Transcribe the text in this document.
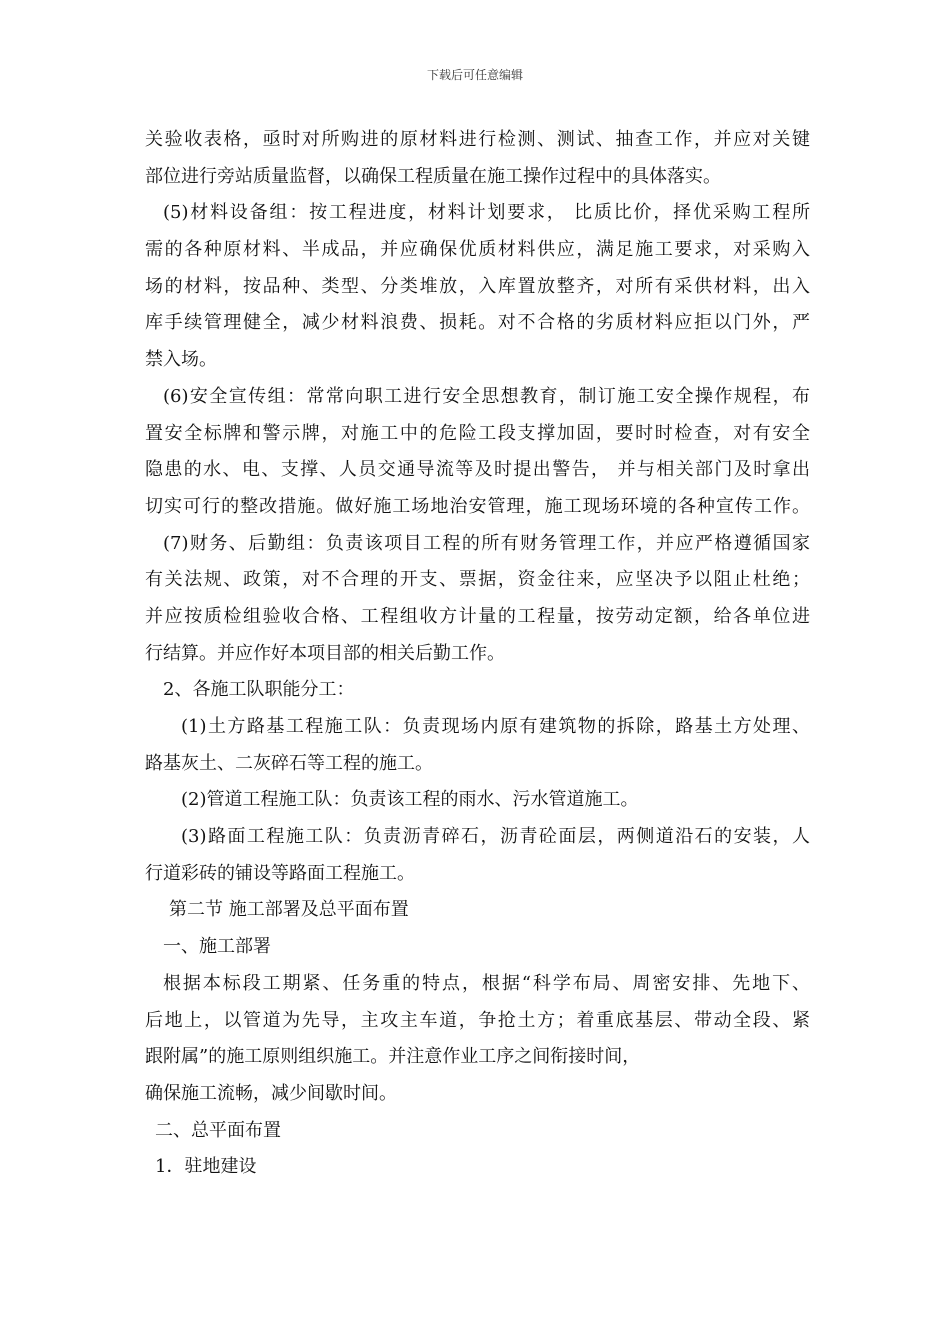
下载后可任意编辑
关验收表格，亟时对所购进的原材料进行检测、测试、抽查工作，并应对关键
部位进行旁站质量监督，以确保工程质量在施工操作过程中的具体落实。
(5)材料设备组：按工程进度，材料计划要求， 比质比价，择优采购工程所
需的各种原材料、半成品，并应确保优质材料供应，满足施工要求，对采购入
场的材料，按品种、类型、分类堆放，入库置放整齐，对所有采供材料，出入
库手续管理健全，减少材料浪费、损耗。对不合格的劣质材料应拒以门外，严
禁入场。
(6)安全宣传组：常常向职工进行安全思想教育，制订施工安全操作规程，布
置安全标牌和警示牌，对施工中的危险工段支撑加固，要时时检查，对有安全
隐患的水、电、支撑、人员交通导流等及时提出警告， 并与相关部门及时拿出
切实可行的整改措施。做好施工场地治安管理，施工现场环境的各种宣传工作。
(7)财务、后勤组：负责该项目工程的所有财务管理工作，并应严格遵循国家
有关法规、政策，对不合理的开支、票据，资金往来，应坚决予以阻止杜绝；
并应按质检组验收合格、工程组收方计量的工程量，按劳动定额，给各单位进
行结算。并应作好本项目部的相关后勤工作。
2、各施工队职能分工：
(1)土方路基工程施工队：负责现场内原有建筑物的拆除，路基土方处理、
路基灰土、二灰碎石等工程的施工。
(2)管道工程施工队：负责该工程的雨水、污水管道施工。
(3)路面工程施工队：负责沥青碎石，沥青砼面层，两侧道沿石的安装，人
行道彩砖的铺设等路面工程施工。
第二节 施工部署及总平面布置
一、施工部署
根据本标段工期紧、任务重的特点，根据“科学布局、周密安排、先地下、
后地上，以管道为先导，主攻主车道，争抢土方；着重底基层、带动全段、紧
跟附属”的施工原则组织施工。并注意作业工序之间衔接时间，
确保施工流畅，减少间歇时间。
二、总平面布置
1．驻地建设
